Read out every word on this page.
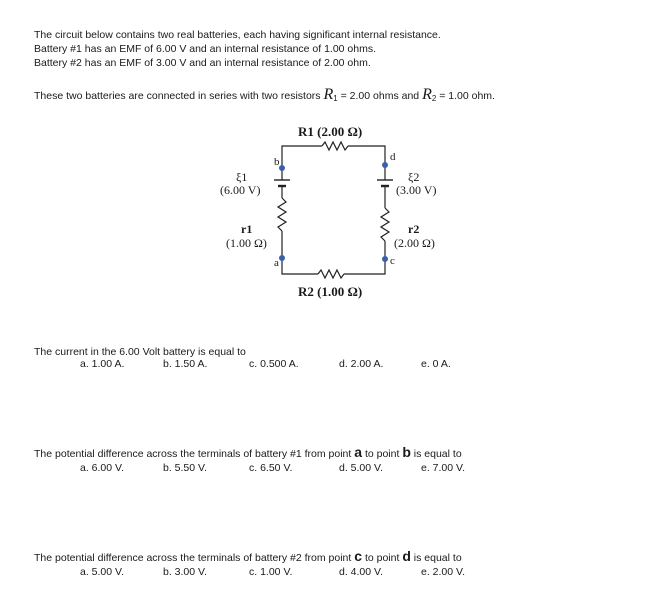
The circuit below contains two real batteries, each having significant internal resistance.
Battery #1 has an EMF of 6.00 V and an internal resistance of 1.00 ohms.
Battery #2 has an EMF of 3.00 V and an internal resistance of 2.00 ohm.
These two batteries are connected in series with two resistors $R_1 = 2.00$ ohms and $R_2 = 1.00$ ohm.
R1 (2.00 Ω)
R2 (1.00 Ω)
ξ1
(6.00 V)
r1
(1.00 Ω)
ξ2
(3.00 V)
r2
(2.00 Ω)
b
a
d
c
The current in the 6.00 Volt battery is equal to
a. 1.00 A.	b. 1.50 A.	c. 0.500 A.	d. 2.00 A.	e. 0 A.
The potential difference across the terminals of battery #1 from point a to point b is equal to
a. 6.00 V.	b. 5.50 V.	c. 6.50 V.	d. 5.00 V.	e. 7.00 V.
The potential difference across the terminals of battery #2 from point c to point d is equal to
a. 5.00 V.	b. 3.00 V.	c. 1.00 V.	d. 4.00 V.	e. 2.00 V.
